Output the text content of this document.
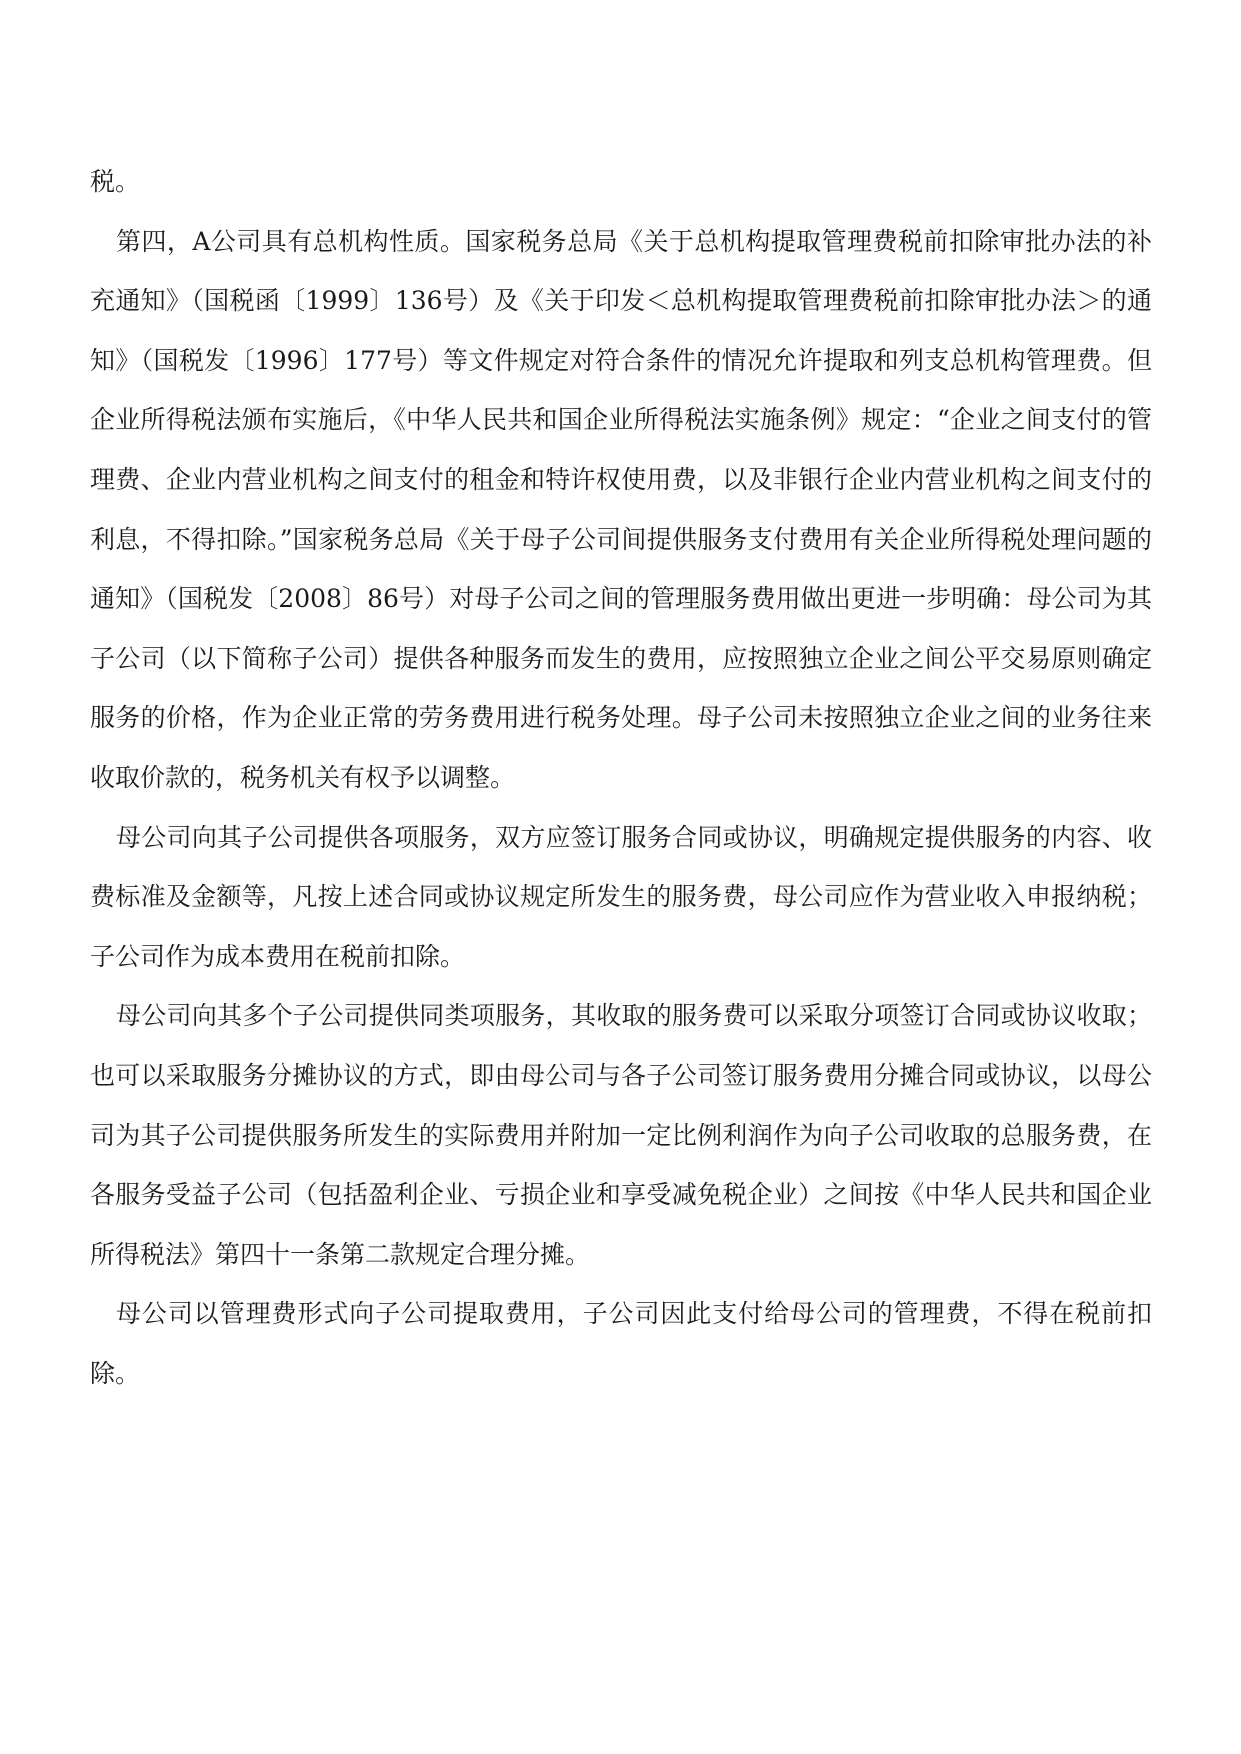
税。

第四，A公司具有总机构性质。国家税务总局《关于总机构提取管理费税前扣除审批办法的补充通知》（国税函〔1999〕136号）及《关于印发＜总机构提取管理费税前扣除审批办法＞的通知》（国税发〔1996〕177号）等文件规定对符合条件的情况允许提取和列支总机构管理费。但企业所得税法颁布实施后，《中华人民共和国企业所得税法实施条例》规定：“企业之间支付的管理费、企业内营业机构之间支付的租金和特许权使用费，以及非银行企业内营业机构之间支付的利息，不得扣除。”国家税务总局《关于母子公司间提供服务支付费用有关企业所得税处理问题的通知》（国税发〔2008〕86号）对母子公司之间的管理服务费用做出更进一步明确：母公司为其子公司（以下简称子公司）提供各种服务而发生的费用，应按照独立企业之间公平交易原则确定服务的价格，作为企业正常的劳务费用进行税务处理。母子公司未按照独立企业之间的业务往来收取价款的，税务机关有权予以调整。

母公司向其子公司提供各项服务，双方应签订服务合同或协议，明确规定提供服务的内容、收费标准及金额等，凡按上述合同或协议规定所发生的服务费，母公司应作为营业收入申报纳税；子公司作为成本费用在税前扣除。

母公司向其多个子公司提供同类项服务，其收取的服务费可以采取分项签订合同或协议收取；也可以采取服务分摊协议的方式，即由母公司与各子公司签订服务费用分摊合同或协议，以母公司为其子公司提供服务所发生的实际费用并附加一定比例利润作为向子公司收取的总服务费，在各服务受益子公司（包括盈利企业、亏损企业和享受减免税企业）之间按《中华人民共和国企业所得税法》第四十一条第二款规定合理分摊。

母公司以管理费形式向子公司提取费用，子公司因此支付给母公司的管理费，不得在税前扣除。
